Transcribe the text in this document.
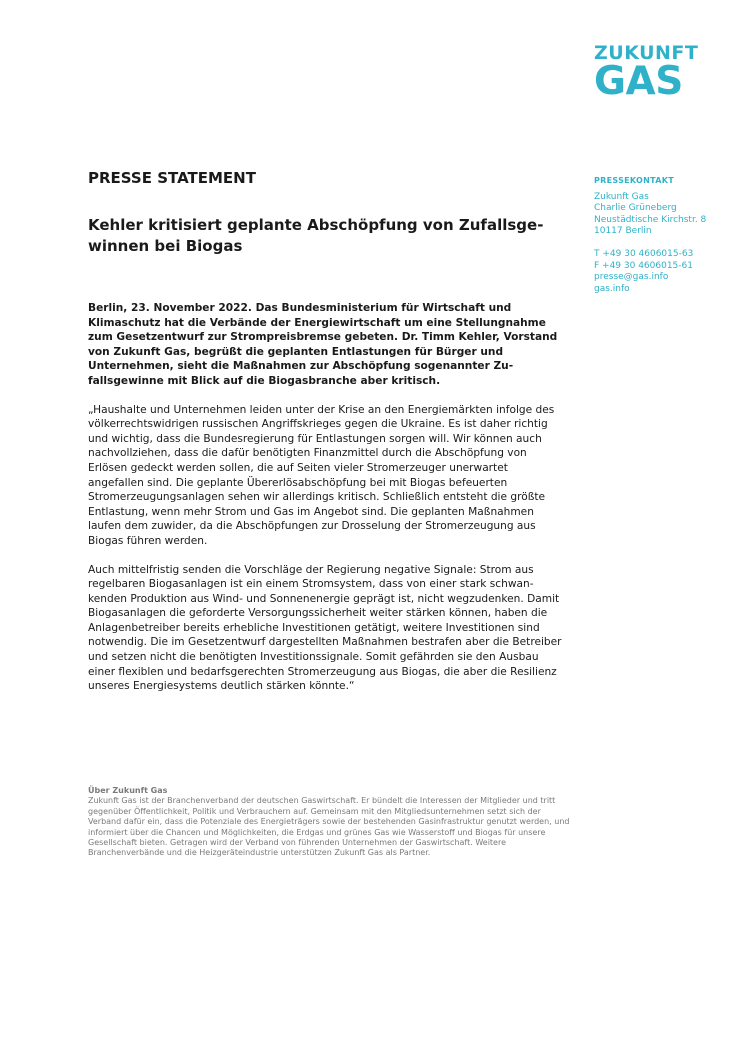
ZUKUNFT
GAS
PRESSE STATEMENT
Kehler kritisiert geplante Abschöpfung von Zufallsgewinnen bei Biogas

Berlin, 23. November 2022. Das Bundesministerium für Wirtschaft und Klimaschutz hat die Verbände der Energiewirtschaft um eine Stellungnahme zum Gesetzentwurf zur Strompreisbremse gebeten. Dr. Timm Kehler, Vorstand von Zukunft Gas, begrüßt die geplanten Entlastungen für Bürger und Unternehmen, sieht die Maßnahmen zur Abschöpfung sogenannter Zufallsgewinne mit Blick auf die Biogasbranche aber kritisch.

„Haushalte und Unternehmen leiden unter der Krise an den Energiemärkten infolge des völkerrechtswidrigen russischen Angriffskrieges gegen die Ukraine. Es ist daher richtig und wichtig, dass die Bundesregierung für Entlastungen sorgen will. Wir können auch nachvollziehen, dass die dafür benötigten Finanzmittel durch die Abschöpfung von Erlösen gedeckt werden sollen, die auf Seiten vieler Stromerzeuger unerwartet angefallen sind. Die geplante Übererlösabschöpfung bei mit Biogas befeuerten Stromerzeugungsanlagen sehen wir allerdings kritisch. Schließlich entsteht die größte Entlastung, wenn mehr Strom und Gas im Angebot sind. Die geplanten Maßnahmen laufen dem zuwider, da die Abschöpfungen zur Drosselung der Stromerzeugung aus Biogas führen werden.

Auch mittelfristig senden die Vorschläge der Regierung negative Signale: Strom aus regelbaren Biogasanlagen ist ein einem Stromsystem, dass von einer stark schwankenden Produktion aus Wind- und Sonnenenergie geprägt ist, nicht wegzudenken. Damit Biogasanlagen die geforderte Versorgungssicherheit weiter stärken können, haben die Anlagenbetreiber bereits erhebliche Investitionen getätigt, weitere Investitionen sind notwendig. Die im Gesetzentwurf dargestellten Maßnahmen bestrafen aber die Betreiber und setzen nicht die benötigten Investitionssignale. Somit gefährden sie den Ausbau einer flexiblen und bedarfsgerechten Stromerzeugung aus Biogas, die aber die Resilienz unseres Energiesystems deutlich stärken könnte.“

PRESSEKONTAKT
Zukunft Gas
Charlie Grüneberg
Neustädtische Kirchstr. 8
10117 Berlin
T +49 30 4606015-63
F +49 30 4606015-61
presse@gas.info
gas.info
Über Zukunft Gas
Zukunft Gas ist der Branchenverband der deutschen Gaswirtschaft. Er bündelt die Interessen der Mitglieder und tritt gegenüber Öffentlichkeit, Politik und Verbrauchern auf. Gemeinsam mit den Mitgliedsunternehmen setzt sich der Verband dafür ein, dass die Potenziale des Energieträgers sowie der bestehenden Gasinfrastruktur genutzt werden, und informiert über die Chancen und Möglichkeiten, die Erdgas und grünes Gas wie Wasserstoff und Biogas für unsere Gesellschaft bieten. Getragen wird der Verband von führenden Unternehmen der Gaswirtschaft. Weitere Branchenverbände und die Heizgeräteindustrie unterstützen Zukunft Gas als Partner.
